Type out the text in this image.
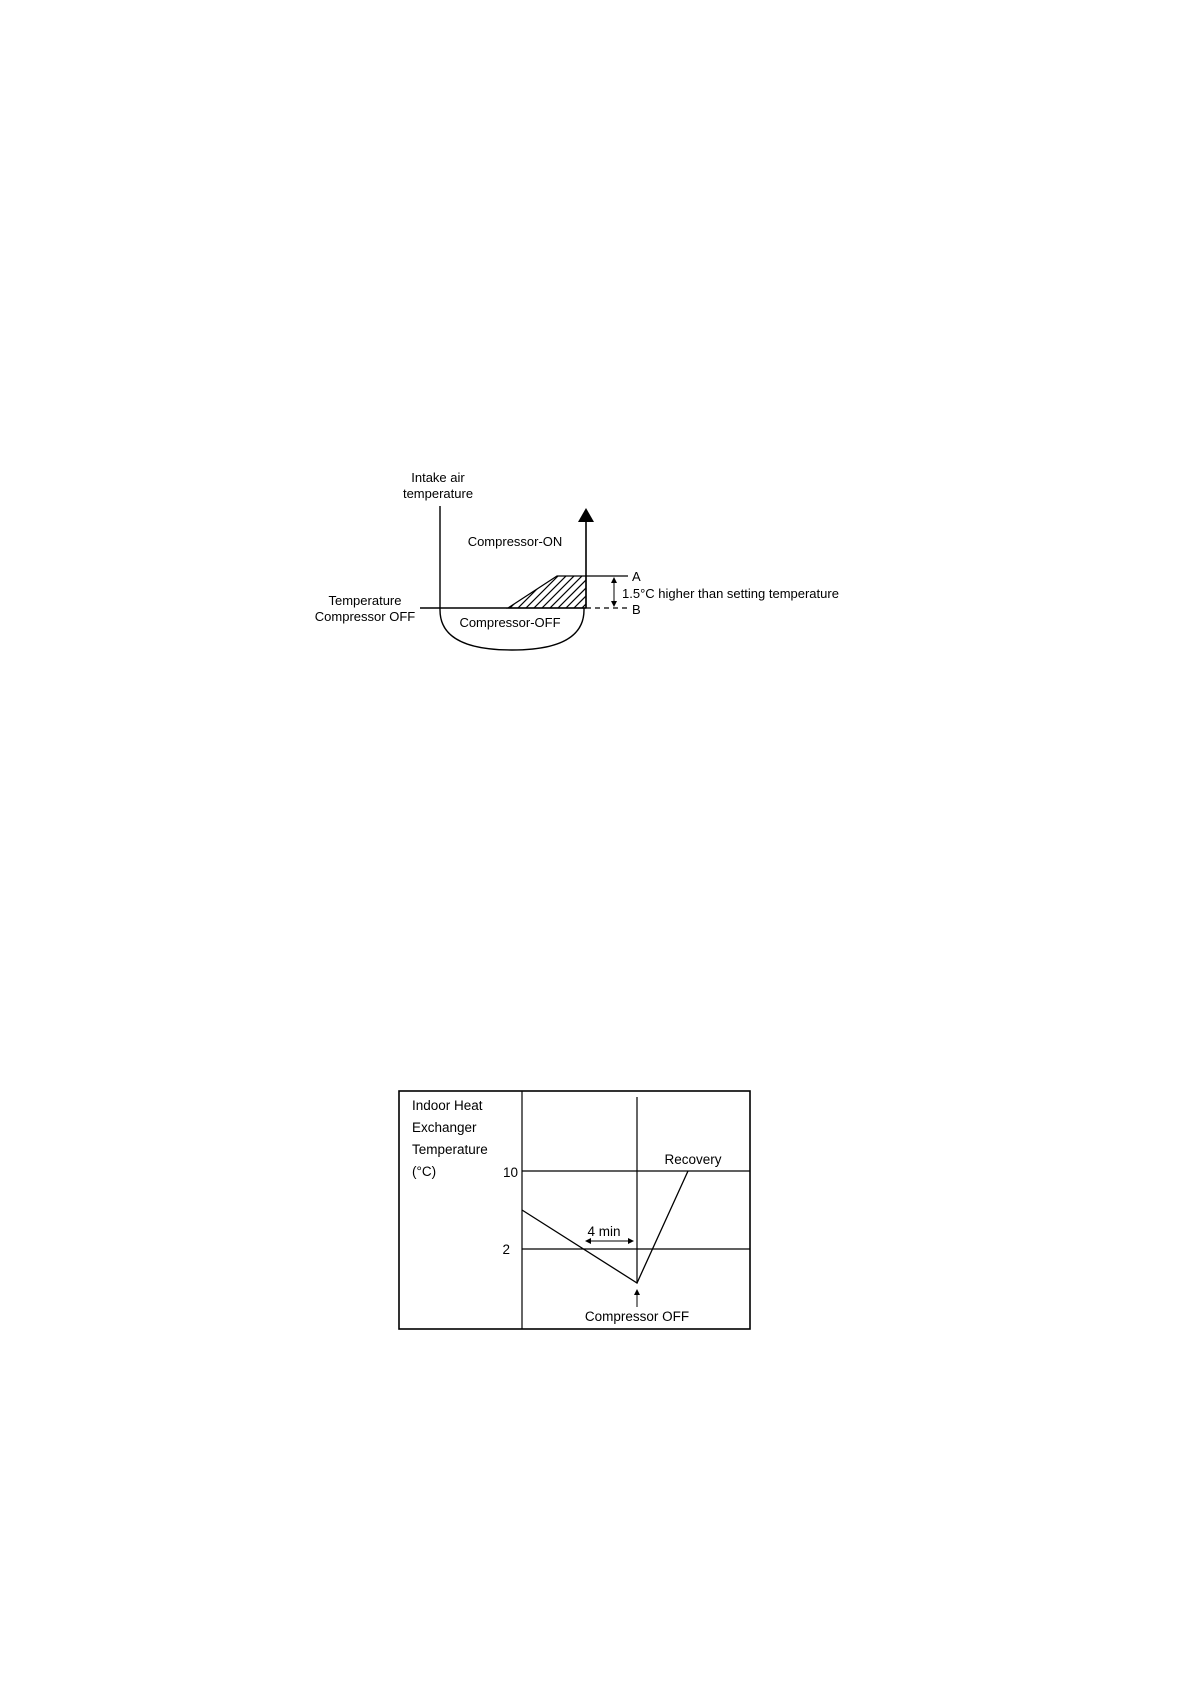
Intake air
temperature
Compressor-ON
A
B
1.5°C higher than setting temperature
Temperature
Compressor OFF	Compressor-OFF
Indoor Heat
Exchanger
Temperature
(°C)	10
2
4 min
Recovery
Compressor OFF
